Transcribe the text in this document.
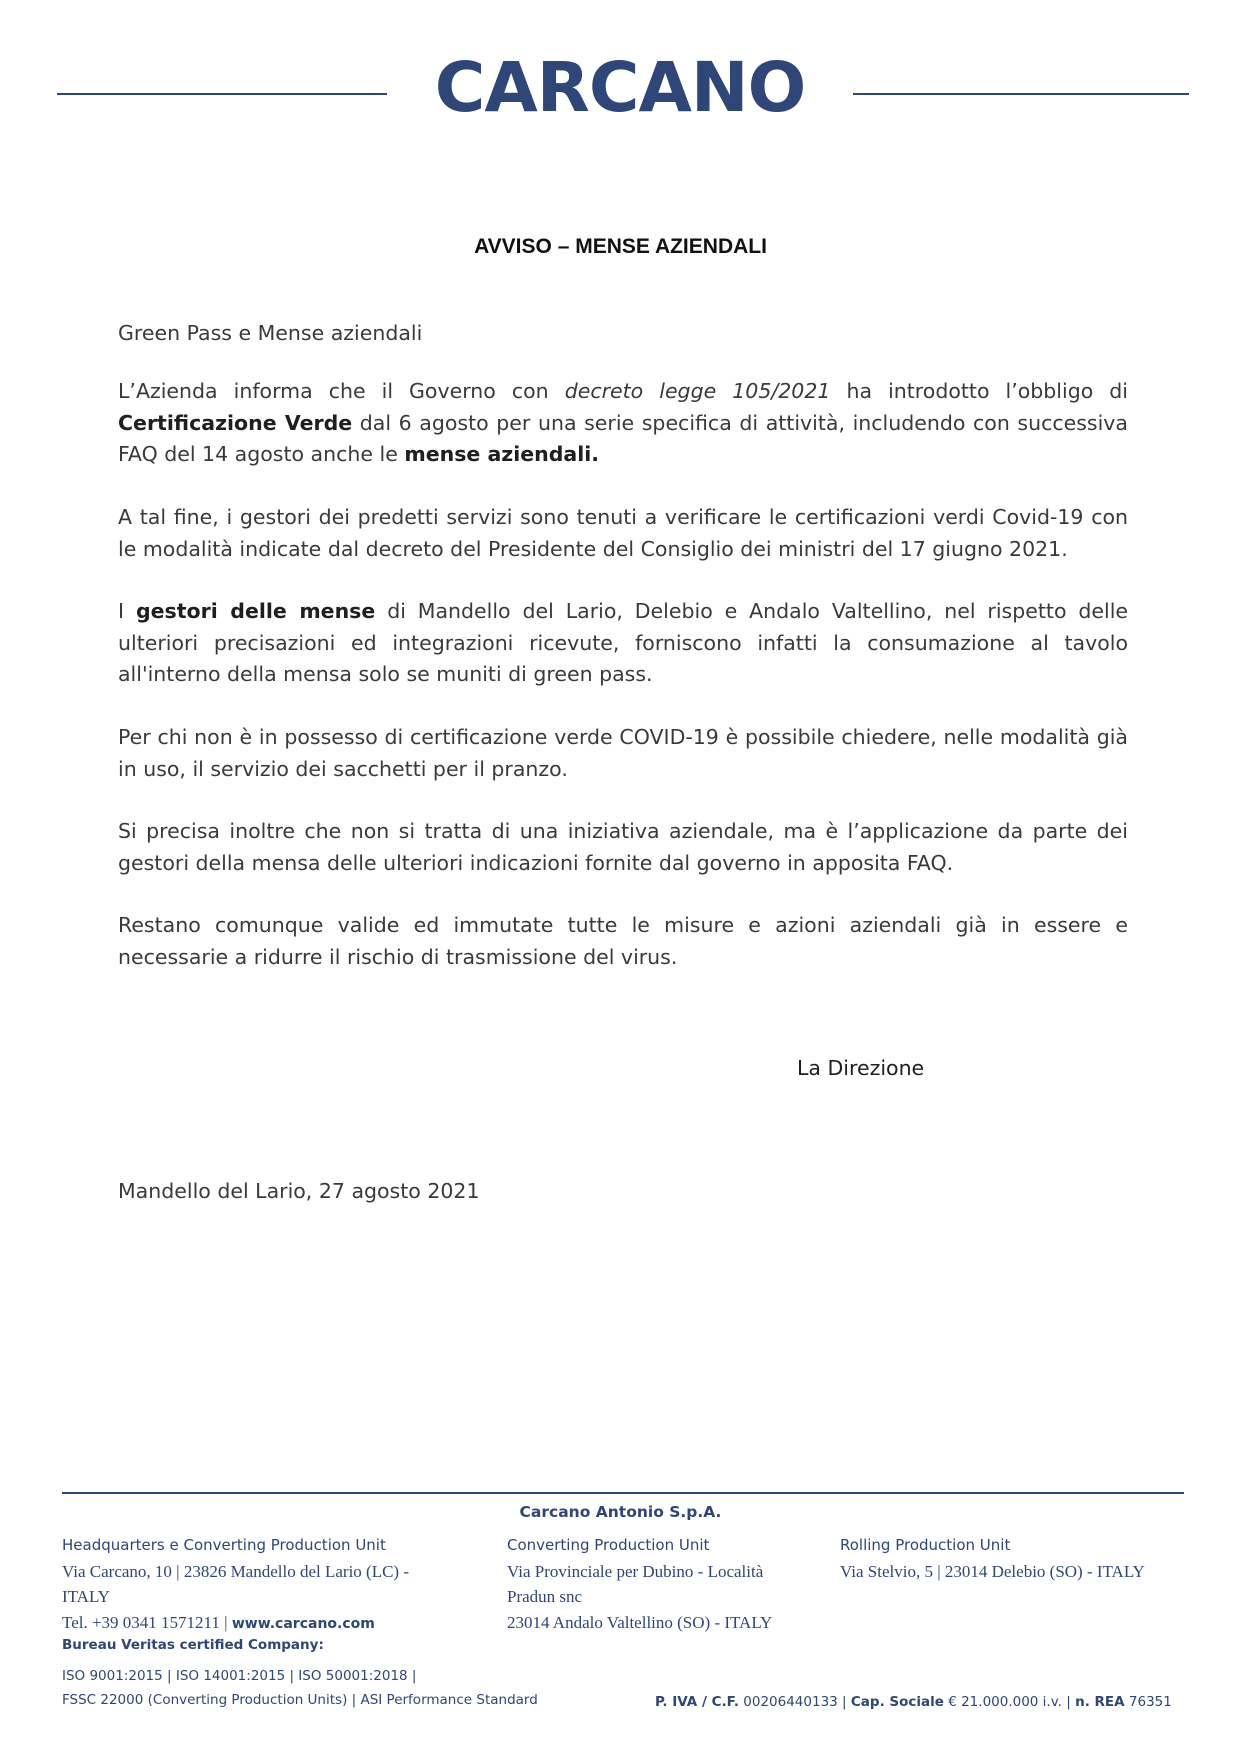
CARCANO
AVVISO – MENSE AZIENDALI
Green Pass e Mense aziendali
L’Azienda informa che il Governo con decreto legge 105/2021 ha introdotto l’obbligo di Certificazione Verde dal 6 agosto per una serie specifica di attività, includendo con successiva FAQ del 14 agosto anche le mense aziendali.
A tal fine, i gestori dei predetti servizi sono tenuti a verificare le certificazioni verdi Covid-19 con le modalità indicate dal decreto del Presidente del Consiglio dei ministri del 17 giugno 2021.
I gestori delle mense di Mandello del Lario, Delebio e Andalo Valtellino, nel rispetto delle ulteriori precisazioni ed integrazioni ricevute, forniscono infatti la consumazione al tavolo all'interno della mensa solo se muniti di green pass.
Per chi non è in possesso di certificazione verde COVID-19 è possibile chiedere, nelle modalità già in uso, il servizio dei sacchetti per il pranzo.
Si precisa inoltre che non si tratta di una iniziativa aziendale, ma è l’applicazione da parte dei gestori della mensa delle ulteriori indicazioni fornite dal governo in apposita FAQ.
Restano comunque valide ed immutate tutte le misure e azioni aziendali già in essere e necessarie a ridurre il rischio di trasmissione del virus.
La Direzione
Mandello del Lario, 27 agosto 2021
Carcano Antonio S.p.A.
Headquarters e Converting Production Unit
Via Carcano, 10 | 23826 Mandello del Lario (LC) -
ITALY
Tel. +39 0341 1571211 | www.carcano.com
Converting Production Unit
Via Provinciale per Dubino - Località
Pradun snc
23014 Andalo Valtellino (SO) - ITALY
Rolling Production Unit
Via Stelvio, 5 | 23014 Delebio (SO) - ITALY
Bureau Veritas certified Company:
ISO 9001:2015 | ISO 14001:2015 | ISO 50001:2018 |
FSSC 22000 (Converting Production Units) | ASI Performance Standard	P. IVA / C.F. 00206440133 | Cap. Sociale € 21.000.000 i.v. | n. REA 76351
